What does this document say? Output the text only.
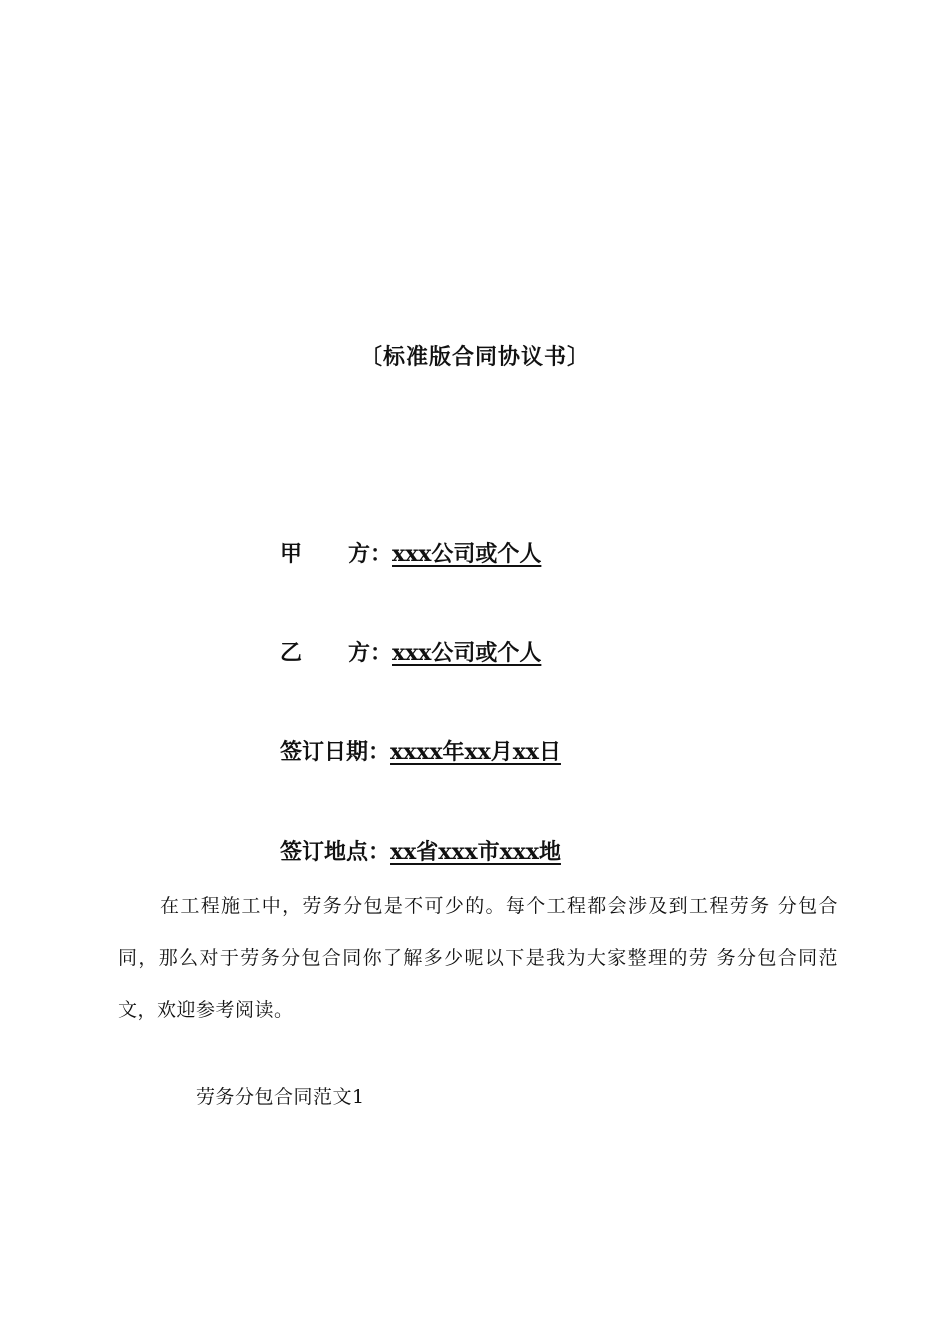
〔标准版合同协议书〕
甲 方：xxx公司或个人
乙 方：xxx公司或个人
签订日期：xxxx年xx月xx日
签订地点：xx省xxx市xxx地
在工程施工中，劳务分包是不可少的。每个工程都会涉及到工程劳务 分包合同，那么对于劳务分包合同你了解多少呢以下是我为大家整理的劳 务分包合同范文，欢迎参考阅读。
劳务分包合同范文1
